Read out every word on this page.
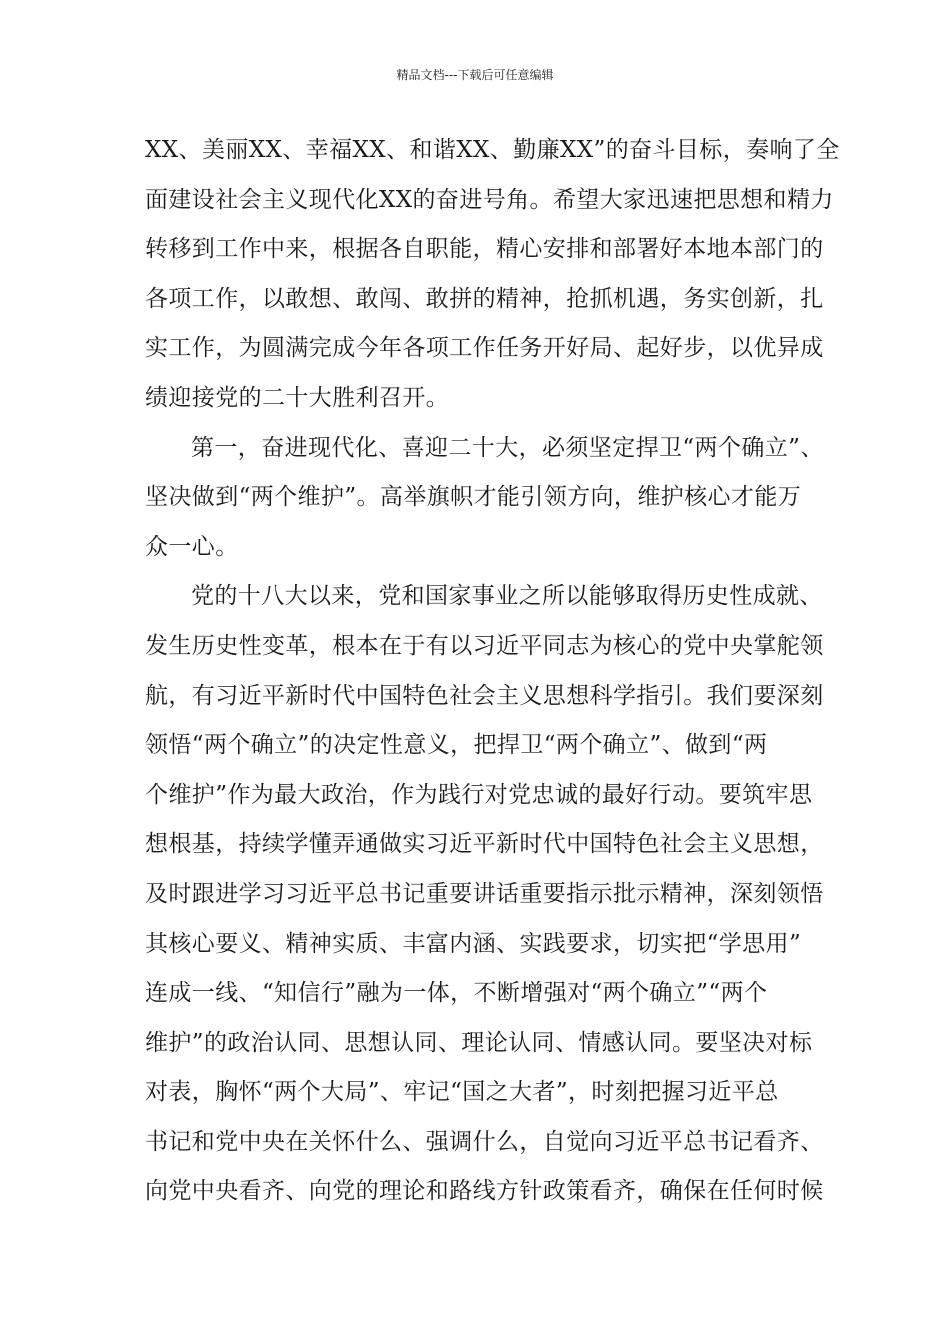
精品文档---下载后可任意编辑
XX、美丽XX、幸福XX、和谐XX、勤廉XX”的奋斗目标，奏响了全
面建设社会主义现代化XX的奋进号角。希望大家迅速把思想和精力
转移到工作中来，根据各自职能，精心安排和部署好本地本部门的
各项工作，以敢想、敢闯、敢拼的精神，抢抓机遇，务实创新，扎
实工作，为圆满完成今年各项工作任务开好局、起好步，以优异成
绩迎接党的二十大胜利召开。
第一，奋进现代化、喜迎二十大，必须坚定捍卫“两个确立”、
坚决做到“两个维护”。高举旗帜才能引领方向，维护核心才能万
众一心。
党的十八大以来，党和国家事业之所以能够取得历史性成就、
发生历史性变革，根本在于有以习近平同志为核心的党中央掌舵领
航，有习近平新时代中国特色社会主义思想科学指引。我们要深刻
领悟“两个确立”的决定性意义，把捍卫“两个确立”、做到“两
个维护”作为最大政治，作为践行对党忠诚的最好行动。要筑牢思
想根基，持续学懂弄通做实习近平新时代中国特色社会主义思想，
及时跟进学习习近平总书记重要讲话重要指示批示精神，深刻领悟
其核心要义、精神实质、丰富内涵、实践要求，切实把“学思用”
连成一线、“知信行”融为一体，不断增强对“两个确立”“两个
维护”的政治认同、思想认同、理论认同、情感认同。要坚决对标
对表，胸怀“两个大局”、牢记“国之大者”，时刻把握习近平总
书记和党中央在关怀什么、强调什么，自觉向习近平总书记看齐、
向党中央看齐、向党的理论和路线方针政策看齐，确保在任何时候
